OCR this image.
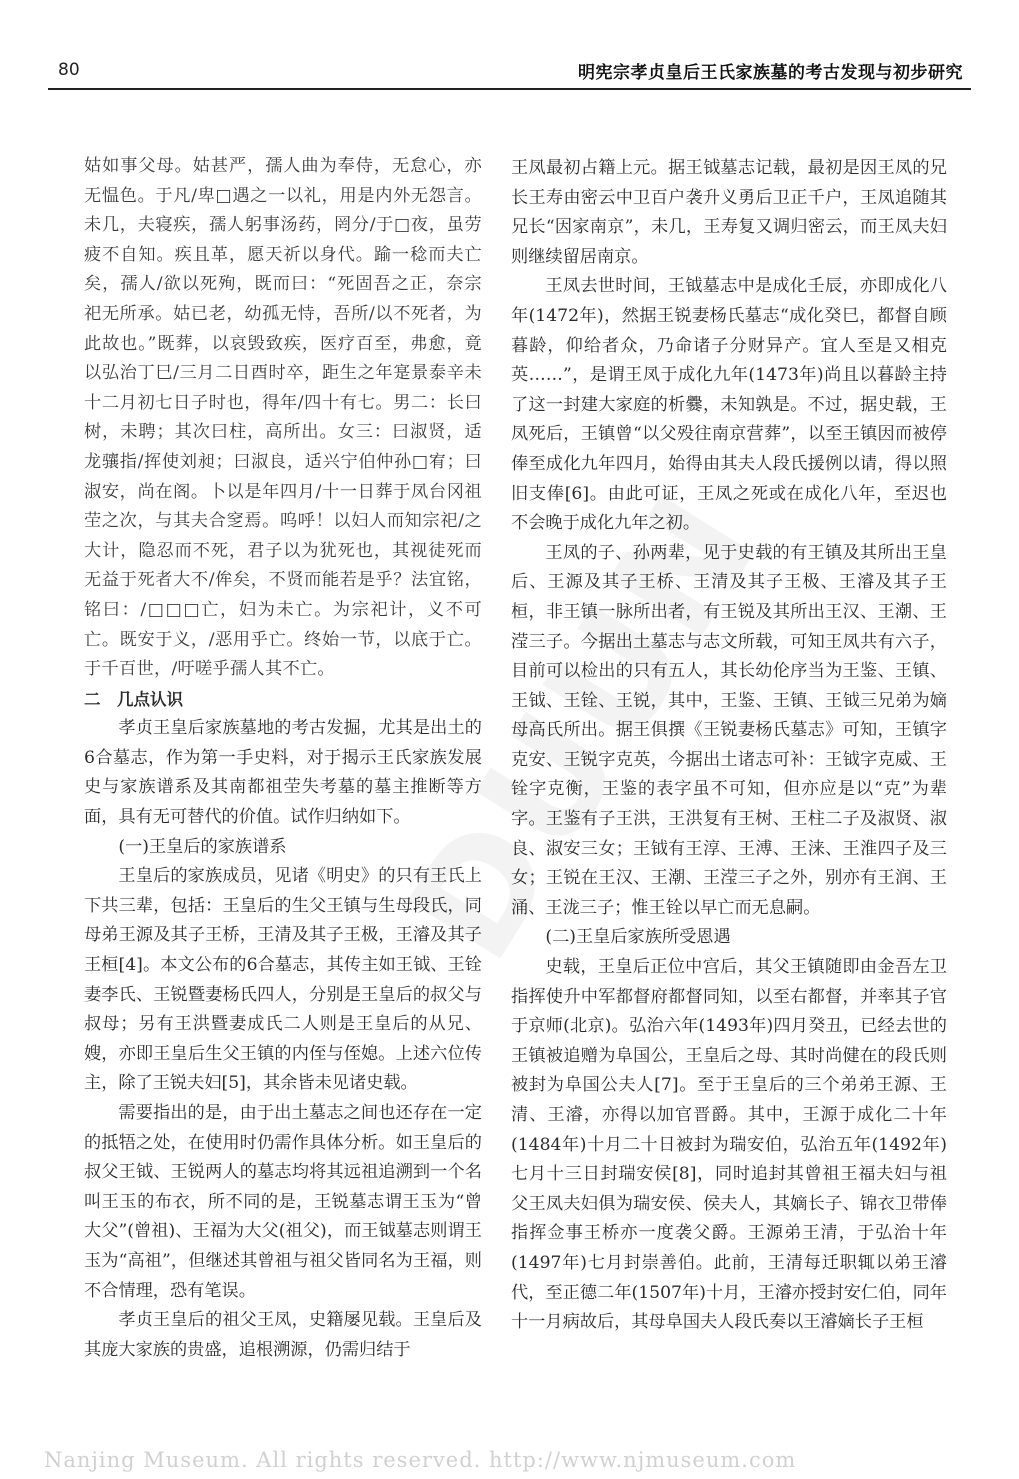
80	明宪宗孝贞皇后王氏家族墓的考古发现与初步研究

姑如事父母。姑甚严，孺人曲为奉侍，无怠心，亦无愠色。于凡/卑□遇之一以礼，用是内外无怨言。未几，夫寝疾，孺人躬事汤药，罔分/于□夜，虽劳疲不自知。疾且革，愿天祈以身代。踰一稔而夫亡矣，孺人/欲以死殉，既而曰：“死固吾之正，奈宗祀无所承。姑已老，幼孤无恃，吾所/以不死者，为此故也。”既葬，以哀毁致疾，医疗百至，弗愈，竟以弘治丁巳/三月二日酉时卒，距生之年寔景泰辛未十二月初七日子时也，得年/四十有七。男二：长曰树，未聘；其次曰柱，高所出。女三：曰淑贤，适龙骧指/挥使刘昶；曰淑良，适兴宁伯仲孙□宥；曰淑安，尚在阁。卜以是年四月/十一日葬于凤台冈祖茔之次，与其夫合窆焉。呜呼！以妇人而知宗祀/之大计，隐忍而不死，君子以为犹死也，其视徒死而无益于死者大不/侔矣，不贤而能若是乎？法宜铭，铭曰：/□□□亡，妇为未亡。为宗祀计，义不可亡。既安于义，/恶用乎亡。终始一节，以底于亡。于千百世，/吁嗟乎孺人其不亡。

二　几点认识

孝贞王皇后家族墓地的考古发掘，尤其是出土的6合墓志，作为第一手史料，对于揭示王氏家族发展史与家族谱系及其南都祖茔失考墓的墓主推断等方面，具有无可替代的价值。试作归纳如下。

(一)王皇后的家族谱系

王皇后的家族成员，见诸《明史》的只有王氏上下共三辈，包括：王皇后的生父王镇与生母段氏，同母弟王源及其子王桥，王清及其子王极，王濬及其子王桓[4]。本文公布的6合墓志，其传主如王钺、王铨妻李氏、王锐暨妻杨氏四人，分别是王皇后的叔父与叔母；另有王洪暨妻成氏二人则是王皇后的从兄、嫂，亦即王皇后生父王镇的内侄与侄媳。上述六位传主，除了王锐夫妇[5]，其余皆未见诸史载。

需要指出的是，由于出土墓志之间也还存在一定的抵牾之处，在使用时仍需作具体分析。如王皇后的叔父王钺、王锐两人的墓志均将其远祖追溯到一个名叫王玉的布衣，所不同的是，王锐墓志谓王玉为“曾大父”(曾祖)、王福为大父(祖父)，而王钺墓志则谓王玉为“高祖”，但继述其曾祖与祖父皆同名为王福，则不合情理，恐有笔误。

孝贞王皇后的祖父王凤，史籍屡见载。王皇后及其庞大家族的贵盛，追根溯源，仍需归结于

王凤最初占籍上元。据王钺墓志记载，最初是因王凤的兄长王寿由密云中卫百户袭升义勇后卫正千户，王凤追随其兄长“因家南京”，未几，王寿复又调归密云，而王凤夫妇则继续留居南京。

王凤去世时间，王钺墓志中是成化壬辰，亦即成化八年(1472年)，然据王锐妻杨氏墓志“成化癸巳，都督自顾暮龄，仰给者众，乃命诸子分财异产。宜人至是又相克英……”，是谓王凤于成化九年(1473年)尚且以暮龄主持了这一封建大家庭的析爨，未知孰是。不过，据史载，王凤死后，王镇曾“以父殁往南京营葬”，以至王镇因而被停俸至成化九年四月，始得由其夫人段氏援例以请，得以照旧支俸[6]。由此可证，王凤之死或在成化八年，至迟也不会晚于成化九年之初。

王凤的子、孙两辈，见于史载的有王镇及其所出王皇后、王源及其子王桥、王清及其子王极、王濬及其子王桓，非王镇一脉所出者，有王锐及其所出王汉、王潮、王滢三子。今据出土墓志与志文所载，可知王凤共有六子，目前可以检出的只有五人，其长幼伦序当为王鉴、王镇、王钺、王铨、王锐，其中，王鉴、王镇、王钺三兄弟为嫡母高氏所出。据王俱撰《王锐妻杨氏墓志》可知，王镇字克安、王锐字克英，今据出土诸志可补：王钺字克威、王铨字克衡，王鉴的表字虽不可知，但亦应是以“克”为辈字。王鉴有子王洪，王洪复有王树、王柱二子及淑贤、淑良、淑安三女；王钺有王淳、王溥、王涞、王淮四子及三女；王锐在王汉、王潮、王滢三子之外，别亦有王润、王涌、王泷三子；惟王铨以早亡而无息嗣。

(二)王皇后家族所受恩遇

史载，王皇后正位中宫后，其父王镇随即由金吾左卫指挥使升中军都督府都督同知，以至右都督，并率其子官于京师(北京)。弘治六年(1493年)四月癸丑，已经去世的王镇被追赠为阜国公，王皇后之母、其时尚健在的段氏则被封为阜国公夫人[7]。至于王皇后的三个弟弟王源、王清、王濬，亦得以加官晋爵。其中，王源于成化二十年(1484年)十月二十日被封为瑞安伯，弘治五年(1492年)七月十三日封瑞安侯[8]，同时追封其曾祖王福夫妇与祖父王凤夫妇俱为瑞安侯、侯夫人，其嫡长子、锦衣卫带俸指挥佥事王桥亦一度袭父爵。王源弟王清，于弘治十年(1497年)七月封崇善伯。此前，王清每迁职辄以弟王濬代，至正德二年(1507年)十月，王濬亦授封安仁伯，同年十一月病故后，其母阜国夫人段氏奏以王濬嫡长子王桓

Nanjing Museum. All rights reserved. http://www.njmuseum.com
